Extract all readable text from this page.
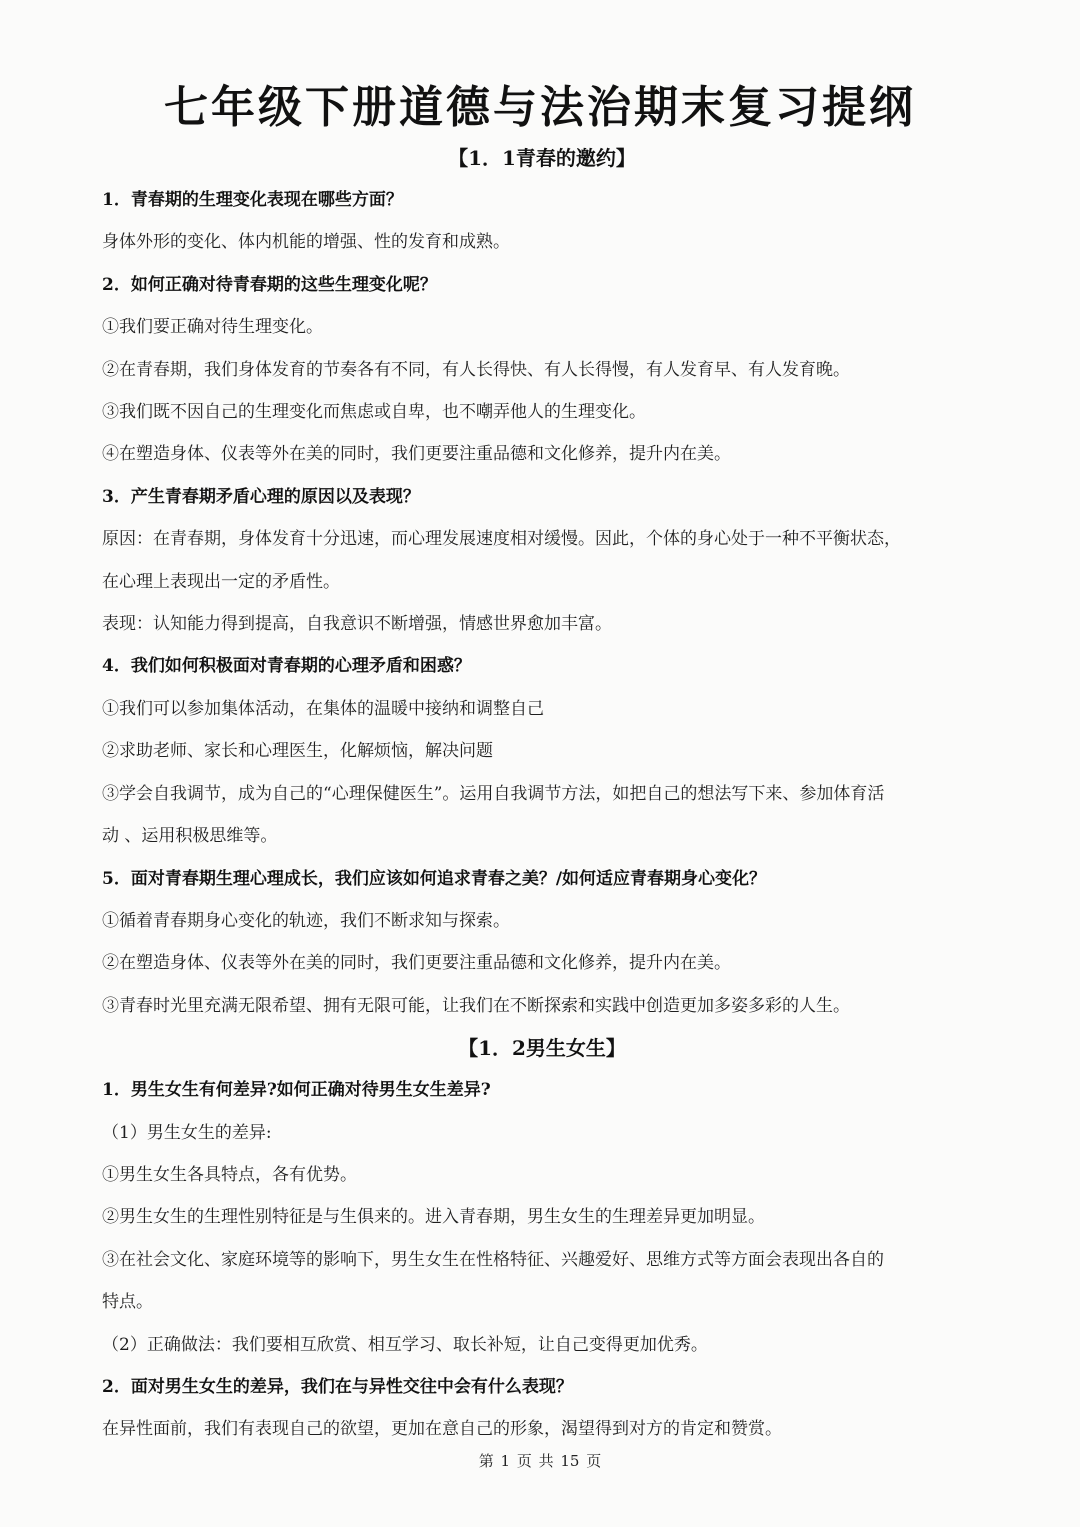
七年级下册道德与法治期末复习提纲
【1．1青春的邀约】

1．青春期的生理变化表现在哪些方面？

身体外形的变化、体内机能的增强、性的发育和成熟。

2．如何正确对待青春期的这些生理变化呢？

①我们要正确对待生理变化。

②在青春期，我们身体发育的节奏各有不同，有人长得快、有人长得慢，有人发育早、有人发育晚。

③我们既不因自己的生理变化而焦虑或自卑，也不嘲弄他人的生理变化。

④在塑造身体、仪表等外在美的同时，我们更要注重品德和文化修养，提升内在美。

3．产生青春期矛盾心理的原因以及表现？

原因：在青春期，身体发育十分迅速，而心理发展速度相对缓慢。因此，个体的身心处于一种不平衡状态，

在心理上表现出一定的矛盾性。

表现：认知能力得到提高，自我意识不断增强，情感世界愈加丰富。

4．我们如何积极面对青春期的心理矛盾和困惑？

①我们可以参加集体活动，在集体的温暖中接纳和调整自己

②求助老师、家长和心理医生，化解烦恼，解决问题

③学会自我调节，成为自己的“心理保健医生”。运用自我调节方法，如把自己的想法写下来、参加体育活

动 、运用积极思维等。

5．面对青春期生理心理成长，我们应该如何追求青春之美？/如何适应青春期身心变化？

①循着青春期身心变化的轨迹，我们不断求知与探索。

②在塑造身体、仪表等外在美的同时，我们更要注重品德和文化修养，提升内在美。

③青春时光里充满无限希望、拥有无限可能，让我们在不断探索和实践中创造更加多姿多彩的人生。

【1．2男生女生】

1．男生女生有何差异?如何正确对待男生女生差异?

（1）男生女生的差异:

①男生女生各具特点，各有优势。

②男生女生的生理性别特征是与生俱来的。进入青春期，男生女生的生理差异更加明显。

③在社会文化、家庭环境等的影响下，男生女生在性格特征、兴趣爱好、思维方式等方面会表现出各自的

特点。

（2）正确做法：我们要相互欣赏、相互学习、取长补短，让自己变得更加优秀。

2．面对男生女生的差异，我们在与异性交往中会有什么表现？

在异性面前，我们有表现自己的欲望，更加在意自己的形象，渴望得到对方的肯定和赞赏。

第 1 页 共 15 页
